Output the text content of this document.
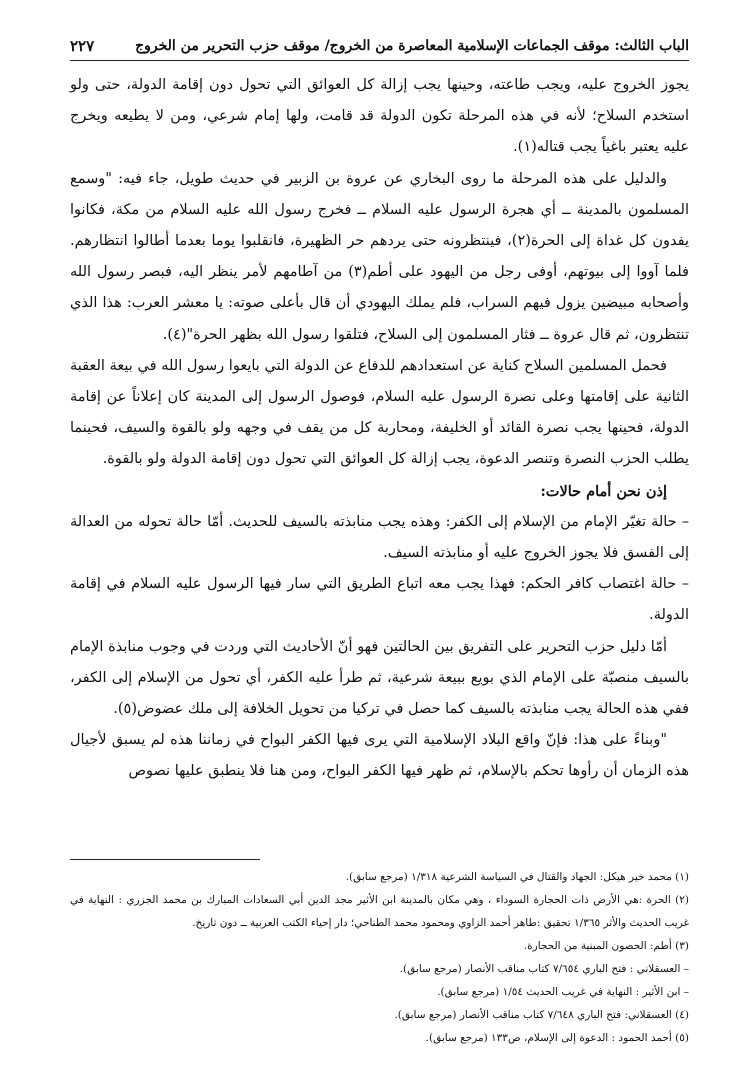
الباب الثالث: موقف الجماعات الإسلامية المعاصرة من الخروج/ موقف حزب التحرير من الخروج
٢٢٧

يجوز الخروج عليه، ويجب طاعته، وحينها يجب إزالة كل العوائق التي تحول دون إقامة الدولة، حتى ولو استخدم السلاح؛ لأنه في هذه المرحلة تكون الدولة قد قامت، ولها إمام شرعي، ومن لا يطيعه ويخرج عليه يعتبر باغياً يجب قتاله(١).

والدليل على هذه المرحلة ما روى البخاري عن عروة بن الزبير في حديث طويل، جاء فيه: "وسمع المسلمون بالمدينة ــ أي هجرة الرسول عليه السلام ــ فخرج رسول الله عليه السلام من مكة، فكانوا يفدون كل غداة إلى الحرة(٢)، فينتظرونه حتى يردهم حر الظهيرة، فانقلبوا يوما بعدما أطالوا انتظارهم. فلما آووا إلى بيوتهم، أوفى رجل من اليهود على أطم(٣) من آطامهم لأمر ينظر اليه، فبصر رسول الله وأصحابه مبيضين يزول فيهم السراب، فلم يملك اليهودي أن قال بأعلى صوته: يا معشر العرب: هذا الذي تنتظرون، ثم قال عروة ــ فثار المسلمون إلى السلاح، فتلقوا رسول الله بظهر الحرة"(٤).

فحمل المسلمين السلاح كناية عن استعدادهم للدفاع عن الدولة التي بايعوا رسول الله في بيعة العقبة الثانية على إقامتها وعلى نصرة الرسول عليه السلام، فوصول الرسول إلى المدينة كان إعلاناً عن إقامة الدولة، فحينها يجب نصرة القائد أو الخليفة، ومحاربة كل من يقف في وجهه ولو بالقوة والسيف، فحينما يطلب الحزب النصرة وتنصر الدعوة، يجب إزالة كل العوائق التي تحول دون إقامة الدولة ولو بالقوة.

إذن نحن أمام حالات:

– حالة تغيّر الإمام من الإسلام إلى الكفر: وهذه يجب منابذته بالسيف للحديث. أمّا حالة تحوله من العدالة إلى الفسق فلا يجوز الخروج عليه أو منابذته السيف.

– حالة اغتصاب كافر الحكم: فهذا يجب معه اتباع الطريق التي سار فيها الرسول عليه السلام في إقامة الدولة.

أمّا دليل حزب التحرير على التفريق بين الحالتين فهو أنّ الأحاديث التي وردت في وجوب منابذة الإمام بالسيف منصبّة على الإمام الذي بويع ببيعة شرعية، ثم طرأ عليه الكفر، أي تحول من الإسلام إلى الكفر، ففي هذه الحالة يجب منابذته بالسيف كما حصل في تركيا من تحويل الخلافة إلى ملك عضوض(٥).

"وبناءً على هذا: فإنّ واقع البلاد الإسلامية التي يرى فيها الكفر البواح في زماننا هذه لم يسبق لأجيال هذه الزمان أن رأوها تحكم بالإسلام، ثم ظهر فيها الكفر البواح، ومن هنا فلا ينطبق عليها نصوص

(١) محمد خير هيكل: الجهاد والقتال في السياسة الشرعية ١/٣١٨ (مرجع سابق).

(٢) الحرة :هي الأرض ذات الحجارة السوداء ، وهي مكان بالمدينة ابن الأثير مجد الدين أبي السعادات المبارك بن محمد الجزري : النهاية في غريب الحديث والأثر ١/٣٦٥ تحقيق :طاهر أحمد الزاوي ومحمود محمد الطناحي؛ دار إحياء الكتب العربية ــ دون تاريخ.

(٣) أطم: الحصون المبنية من الحجارة.

– العسقلاني : فتح الباري ٧/٦٥٤ كتاب مناقب الأنصار (مرجع سابق).

– ابن الأثير : النهاية في غريب الحديث ١/٥٤ (مرجع سابق).

(٤) العسقلاني: فتح الباري ٧/٦٤٨ كتاب مناقب الأنصار (مرجع سابق).

(٥) أحمد الحمود : الدعوة إلى الإسلام، ص١٣٣ (مرجع سابق).
